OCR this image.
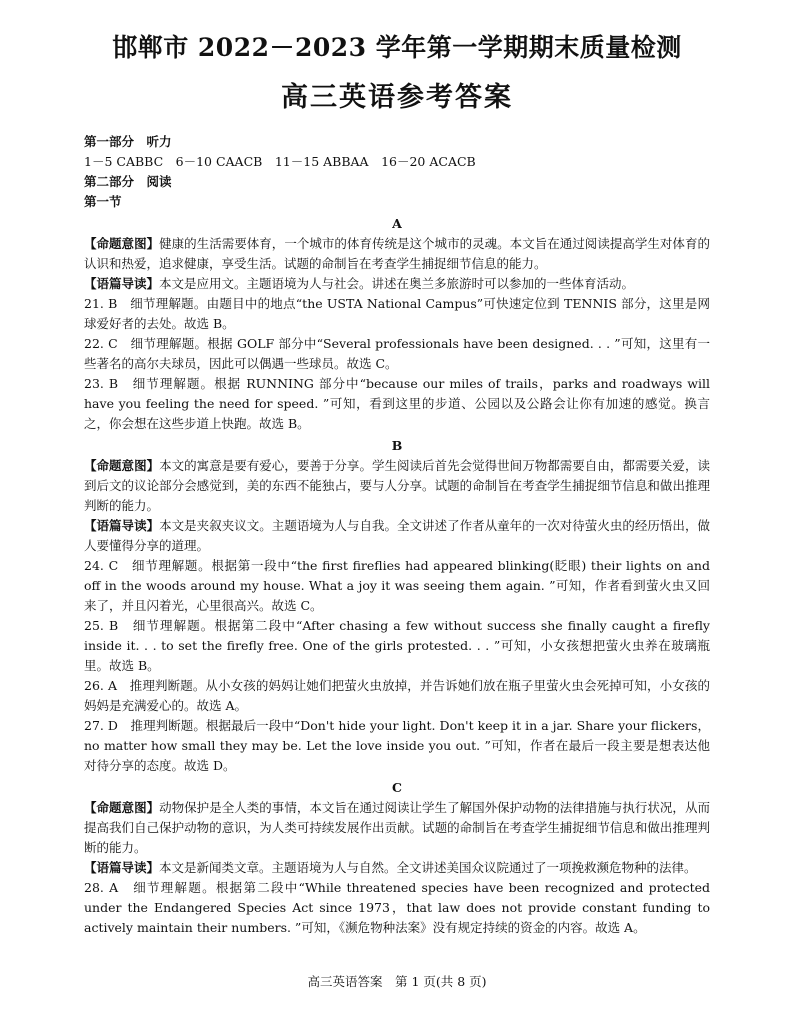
邯郸市 2022－2023 学年第一学期期末质量检测
高三英语参考答案
第一部分　听力
1－5 CABBC　6－10 CAACB　11－15 ABBAA　16－20 ACACB
第二部分　阅读
第一节
A

【命题意图】健康的生活需要体育，一个城市的体育传统是这个城市的灵魂。本文旨在通过阅读提高学生对体育的认识和热爱，追求健康，享受生活。试题的命制旨在考查学生捕捉细节信息的能力。

【语篇导读】本文是应用文。主题语境为人与社会。讲述在奥兰多旅游时可以参加的一些体育活动。

21. B　细节理解题。由题目中的地点“the USTA National Campus”可快速定位到 TENNIS 部分，这里是网球爱好者的去处。故选 B。

22. C　细节理解题。根据 GOLF 部分中“Several professionals have been designed. . . ”可知，这里有一些著名的高尔夫球员，因此可以偶遇一些球员。故选 C。

23. B　细节理解题。根据 RUNNING 部分中“because our miles of trails，parks and roadways will have you feeling the need for speed. ”可知，看到这里的步道、公园以及公路会让你有加速的感觉。换言之，你会想在这些步道上快跑。故选 B。

B

【命题意图】本文的寓意是要有爱心，要善于分享。学生阅读后首先会觉得世间万物都需要自由，都需要关爱，读到后文的议论部分会感觉到，美的东西不能独占，要与人分享。试题的命制旨在考查学生捕捉细节信息和做出推理判断的能力。

【语篇导读】本文是夹叙夹议文。主题语境为人与自我。全文讲述了作者从童年的一次对待萤火虫的经历悟出，做人要懂得分享的道理。

24. C　细节理解题。根据第一段中“the first fireflies had appeared blinking(眨眼) their lights on and off in the woods around my house. What a joy it was seeing them again. ”可知，作者看到萤火虫又回来了，并且闪着光，心里很高兴。故选 C。

25. B　细节理解题。根据第二段中“After chasing a few without success she finally caught a firefly inside it. . . to set the firefly free. One of the girls protested. . . ”可知，小女孩想把萤火虫养在玻璃瓶里。故选 B。

26. A　推理判断题。从小女孩的妈妈让她们把萤火虫放掉，并告诉她们放在瓶子里萤火虫会死掉可知，小女孩的妈妈是充满爱心的。故选 A。

27. D　推理判断题。根据最后一段中“Don't hide your light. Don't keep it in a jar. Share your flickers，no matter how small they may be. Let the love inside you out. ”可知，作者在最后一段主要是想表达他对待分享的态度。故选 D。

C

【命题意图】动物保护是全人类的事情，本文旨在通过阅读让学生了解国外保护动物的法律措施与执行状况，从而提高我们自己保护动物的意识，为人类可持续发展作出贡献。试题的命制旨在考查学生捕捉细节信息和做出推理判断的能力。

【语篇导读】本文是新闻类文章。主题语境为人与自然。全文讲述美国众议院通过了一项挽救濒危物种的法律。

28. A　细节理解题。根据第二段中“While threatened species have been recognized and protected under the Endangered Species Act since 1973，that law does not provide constant funding to actively maintain their numbers. ”可知，《濒危物种法案》没有规定持续的资金的内容。故选 A。

高三英语答案　第 1 页(共 8 页)
